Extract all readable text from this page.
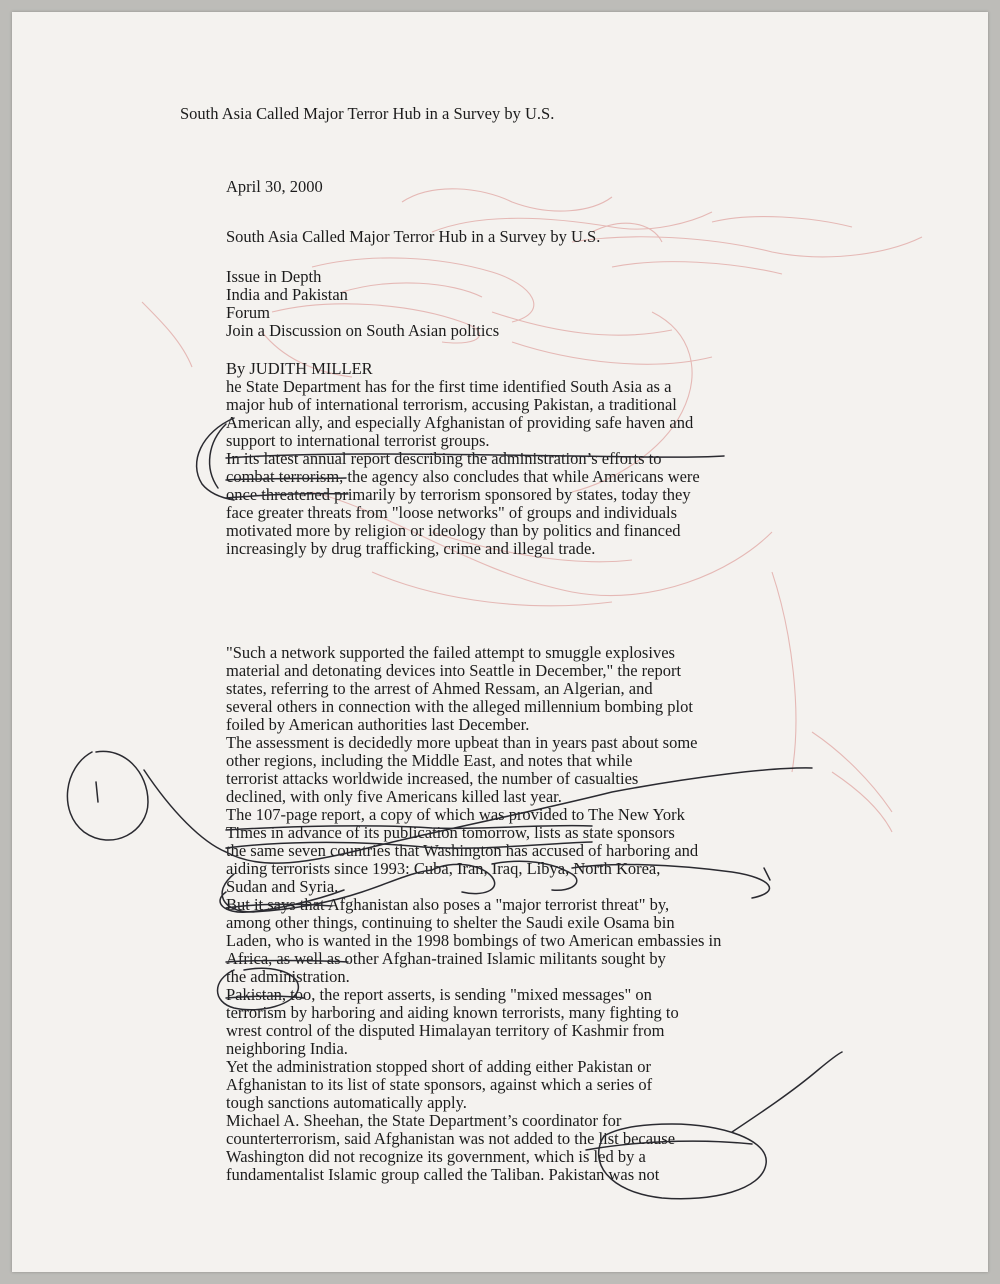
South Asia Called Major Terror Hub in a Survey by U.S.
April 30, 2000
South Asia Called Major Terror Hub in a Survey by U.S.
Issue in Depth
India and Pakistan
Forum
Join a Discussion on South Asian politics
By JUDITH MILLER
he State Department has for the first time identified South Asia as a
major hub of international terrorism, accusing Pakistan, a traditional
American ally, and especially Afghanistan of providing safe haven and
support to international terrorist groups.
In its latest annual report describing the administration’s efforts to
combat terrorism, the agency also concludes that while Americans were
once threatened primarily by terrorism sponsored by states, today they
face greater threats from "loose networks" of groups and individuals
motivated more by religion or ideology than by politics and financed
increasingly by drug trafficking, crime and illegal trade.
"Such a network supported the failed attempt to smuggle explosives
material and detonating devices into Seattle in December," the report
states, referring to the arrest of Ahmed Ressam, an Algerian, and
several others in connection with the alleged millennium bombing plot
foiled by American authorities last December.
The assessment is decidedly more upbeat than in years past about some
other regions, including the Middle East, and notes that while
terrorist attacks worldwide increased, the number of casualties
declined, with only five Americans killed last year.
The 107-page report, a copy of which was provided to The New York
Times in advance of its publication tomorrow, lists as state sponsors
the same seven countries that Washington has accused of harboring and
aiding terrorists since 1993: Cuba, Iran, Iraq, Libya, North Korea,
Sudan and Syria.
But it says that Afghanistan also poses a "major terrorist threat" by,
among other things, continuing to shelter the Saudi exile Osama bin
Laden, who is wanted in the 1998 bombings of two American embassies in
Africa, as well as other Afghan-trained Islamic militants sought by
the administration.
Pakistan, too, the report asserts, is sending "mixed messages" on
terrorism by harboring and aiding known terrorists, many fighting to
wrest control of the disputed Himalayan territory of Kashmir from
neighboring India.
Yet the administration stopped short of adding either Pakistan or
Afghanistan to its list of state sponsors, against which a series of
tough sanctions automatically apply.
Michael A. Sheehan, the State Department’s coordinator for
counterterrorism, said Afghanistan was not added to the list because
Washington did not recognize its government, which is led by a
fundamentalist Islamic group called the Taliban. Pakistan was not
